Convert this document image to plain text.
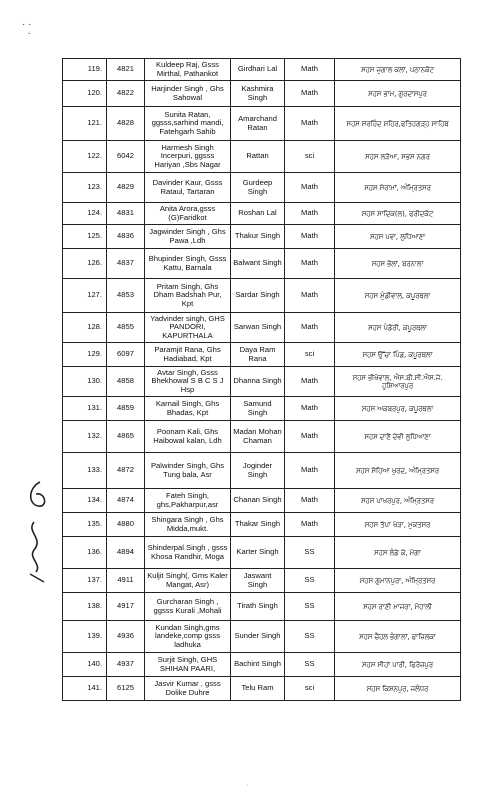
· ·
·
119.	4821	Kuldeep Raj, Gsss Mirthal, Pathankot	Girdhari Lal	Math	ਸਹਸ ਜੁਗਾਲ ਕਲਾਂ, ਪਠਾਨਕੋਟ
120.	4822	Harjinder Singh , Ghs Sahowal	Kashmira Singh	Math	ਸਹਸ ਭਾਮ, ਗੁਰਦਾਸਪੁਰ
121.	4828	Sunita Ratan, ggsss,sarhind mandi, Fatehgarh Sahib	Amarchand Ratan	Math	ਸਹਸ ਸਰਹਿੰਦ ਸ਼ਹਿਰ,ਫਤਿਹਗੜ੍ਹ ਸਾਹਿਬ
122.	6042	Harmesh Singh Incerpuri, ggsss Hariyan ,Sbs Nagar	Rattan	sci	ਸਹਸ ਲੜੋਆ, ਸਭਸ ਨਗਰ
123.	4829	Davinder Kaur, Gsss Rataul, Tartaran	Gurdeep Singh	Math	ਸਹਸ ਸੇਰਾਮਾਂ, ਅੰਮ੍ਰਿਤਸਰ
124.	4831	Anita Arora,gsss (G)Faridkot	Roshan Lal	Math	ਸਹਸ ਸਾਦਿਕ(ਲ), ਫਰੀਦਕੋਟ
125.	4836	Jagwinder Singh , Ghs Pawa ,Ldh	Thakur Singh	Math	ਸਹਸ ਪਵਾ, ਲੁਧਿਆਣਾ
126.	4837	Bhupinder Singh, Gsss Kattu, Barnala	Balwant Singh	Math	ਸਹਸ ਭੋਲਾਂ, ਬਰਨਾਲਾ
127.	4853	Pritam Singh, Ghs Dham Badshah Pur, Kpt	Sardar Singh	Math	ਸਹਸ ਮੁੰਡੀਵਾਲ, ਕਪੂਰਥਲਾ
128.	4855	Yadvinder singh, GHS PANDORI, KAPURTHALA	Sarwan Singh	Math	ਸਹਸ ਪੰਡੋਰੀ, ਕਪੂਰਥਲਾ
129.	6097	Paramjit Rana, Ghs Hadiabad, Kpt	Daya Ram Rana	sci	ਸਹਸ ਉੱਚਾ ਪਿੰਡ, ਕਪੂਰਥਲਾ
130.	4858	Avtar Singh, Gsss Bhekhowal S B C S J Hsp	Dhanna Singh	Math	ਸਹਸ ਭੀਖੋਵਾਲ, ਐਸ.ਬੀ.ਸੀ.ਐਸ.ਜੇ. ਹੁਸ਼ਿਆਰਪੁਰ
131.	4859	Karnail Singh, Ghs Bhadas, Kpt	Samund Singh	Math	ਸਹਸ ਅਕਬਰਪੁਰ, ਕਪੂਰਥਲਾ
132.	4865	Poonam Kali, Ghs Haibowal kalan, Ldh	Madan Mohan Chaman	Math	ਸਹਸ ਦਾਣੋਂ ਦੇਵੀ ਲੁਧਿਆਣਾ
133.	4872	Palwinder Singh, Ghs Tung bala, Asr	Joginder Singh	Math	ਸਹਸ ਸੋਹਿਆ ਖੁਰਦ, ਅੰਮ੍ਰਿਤਸਰ
134.	4874	Fateh Singh, ghs,Pakharpur,asr	Chanan Singh	Math	ਸਹਸ ਪਾਖਰਪੁਰ, ਅੰਮ੍ਰਿਤਸਰ
135.	4880	Shingara Singh , Ghs Midda,mukt.	Thakar Singh	Math	ਸਹਸ ਤੱਪਾ ਖੇੜਾ, ਮੁਕਤਸਰ
136.	4894	Shinderpal Singh , gsss Khosa Randhir, Moga	Karter Singh	SS	ਸਹਸ ਲੰਡੇ ਕੇ, ਮੋਗਾ
137.	4911	Kuljit Singh(, Gms Kaler Mangat, Asr)	Jaswant Singh	SS	ਸਹਸ ਗੁਮਾਨਪੁਰਾ, ਅੰਮ੍ਰਿਤਸਰ
138.	4917	Gurcharan Singh , ggsss Kurali ,Mohali	Tirath Singh	SS	ਸਹਸ ਰਾਣੀ ਮਾਜਰਾ, ਮੋਹਾਲੀ
139.	4936	Kundan Singh,gms landeke,comp gsss ladhuka	Sunder Singh	SS	ਸਹਸ ਚੈਹਲ ਭੰਗਾਲਾਂ, ਫਾਜ਼ਿਲਕਾ
140.	4937	Surjit Singh, GHS SHIHAN PAARI,	Bachint Singh	SS	ਸਹਸ ਸੀਹਾਂ ਪਾਰੀ, ਫਿਰੋਜ਼ਪੁਰ
141.	6125	Jasvir Kumar , gsss Dolike Duhre	Telu Ram	sci	ਸਹਸ ਕਿਸ਼ਨਪੁਰ, ਜਲੰਧਰ
·
